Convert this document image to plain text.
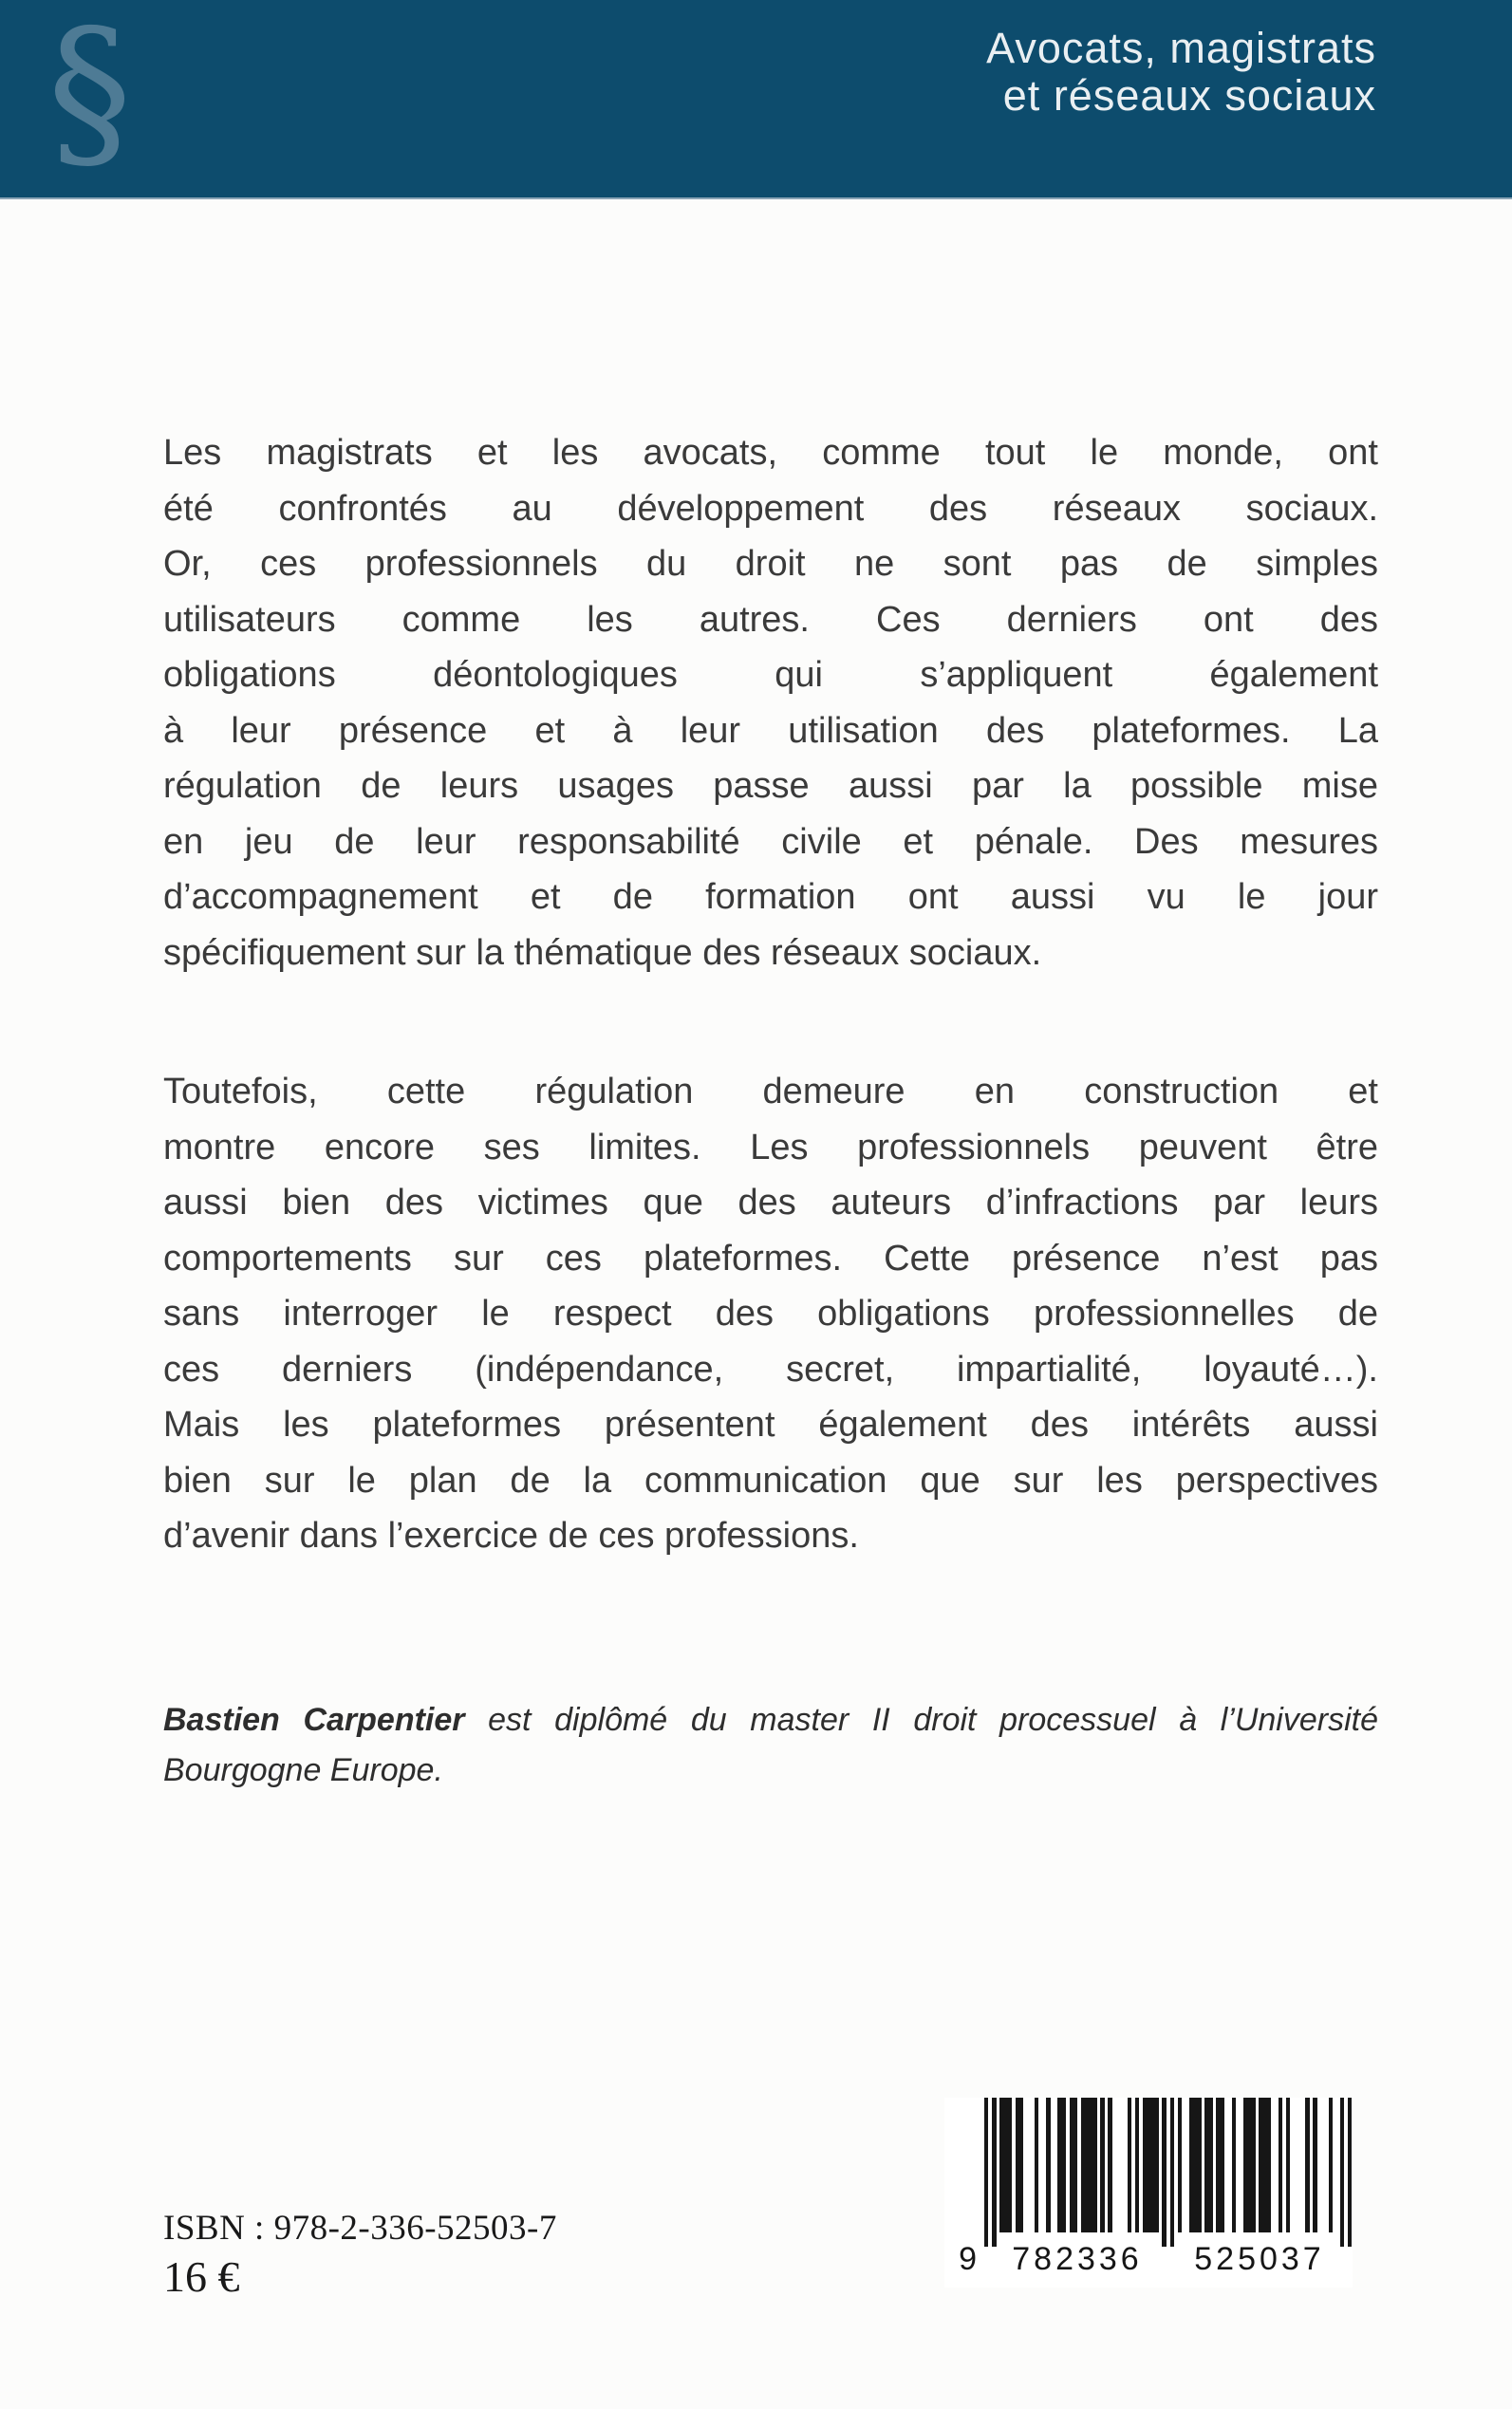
§	Avocats, magistrats
et réseaux sociaux
Les magistrats et les avocats, comme tout le monde, ont
été confrontés au développement des réseaux sociaux.
Or, ces professionnels du droit ne sont pas de simples
utilisateurs comme les autres. Ces derniers ont des
obligations déontologiques qui s’appliquent également
à leur présence et à leur utilisation des plateformes. La
régulation de leurs usages passe aussi par la possible mise
en jeu de leur responsabilité civile et pénale. Des mesures
d’accompagnement et de formation ont aussi vu le jour
spécifiquement sur la thématique des réseaux sociaux.
Toutefois, cette régulation demeure en construction et
montre encore ses limites. Les professionnels peuvent être
aussi bien des victimes que des auteurs d’infractions par leurs
comportements sur ces plateformes. Cette présence n’est pas
sans interroger le respect des obligations professionnelles de
ces derniers (indépendance, secret, impartialité, loyauté…).
Mais les plateformes présentent également des intérêts aussi
bien sur le plan de la communication que sur les perspectives
d’avenir dans l’exercice de ces professions.
Bastien Carpentier est diplômé du master II droit processuel à l’Université
Bourgogne Europe.
ISBN : 978-2-336-52503-7
16 €	9	782336	525037
